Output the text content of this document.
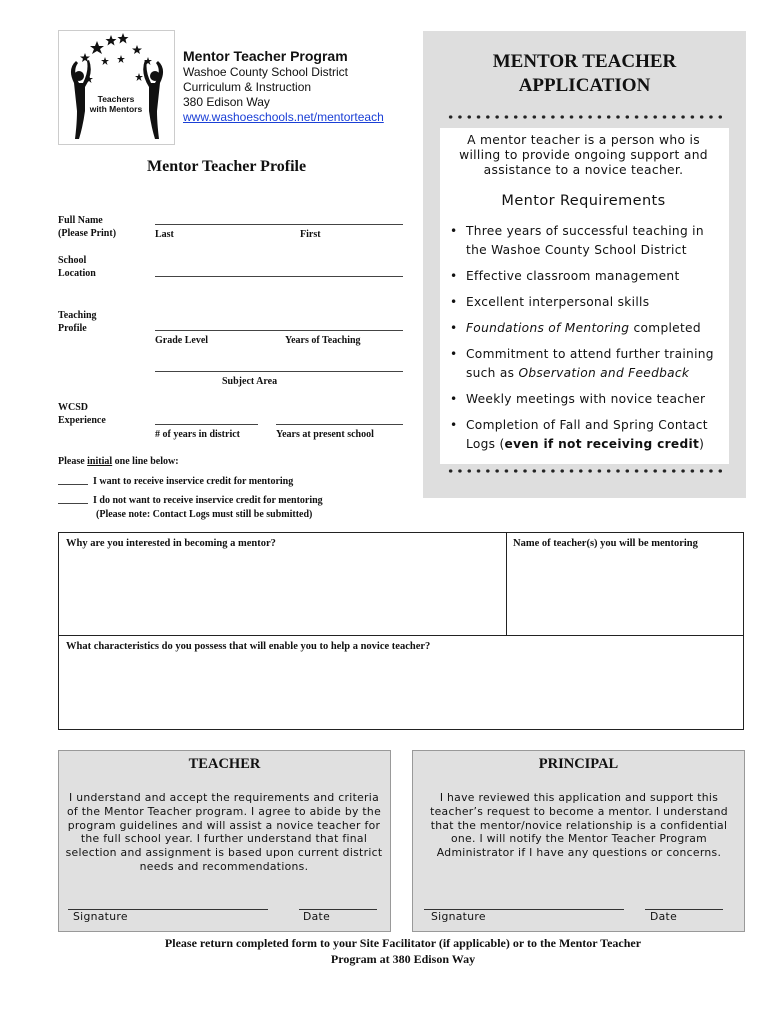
Teachers with Mentors
Mentor Teacher Program
Washoe County School District
Curriculum & Instruction
380 Edison Way
www.washoeschools.net/mentorteach
MENTOR TEACHER
APPLICATION
A mentor teacher is a person who is willing to provide ongoing support and assistance to a novice teacher.
Mentor Requirements
• Three years of successful teaching in the Washoe County School District
• Effective classroom management
• Excellent interpersonal skills
• Foundations of Mentoring completed
• Commitment to attend further training such as Observation and Feedback
• Weekly meetings with novice teacher
• Completion of Fall and Spring Contact Logs (even if not receiving credit)
Mentor Teacher Profile
Full Name
(Please Print)	Last	First
School
Location
Teaching
Profile
Grade Level	Years of Teaching
Subject Area
WCSD
Experience
# of years in district	Years at present school
Please initial one line below:
I want to receive inservice credit for mentoring
I do not want to receive inservice credit for mentoring
(Please note: Contact Logs must still be submitted)
Why are you interested in becoming a mentor?	Name of teacher(s) you will be mentoring
What characteristics do you possess that will enable you to help a novice teacher?
TEACHER
I understand and accept the requirements and criteria of the Mentor Teacher program. I agree to abide by the program guidelines and will assist a novice teacher for the full school year. I further understand that final selection and assignment is based upon current district needs and recommendations.
Signature	Date
PRINCIPAL
I have reviewed this application and support this teacher’s request to become a mentor. I understand that the mentor/novice relationship is a confidential one. I will notify the Mentor Teacher Program Administrator if I have any questions or concerns.
Signature	Date
Please return completed form to your Site Facilitator (if applicable) or to the Mentor Teacher
Program at 380 Edison Way
